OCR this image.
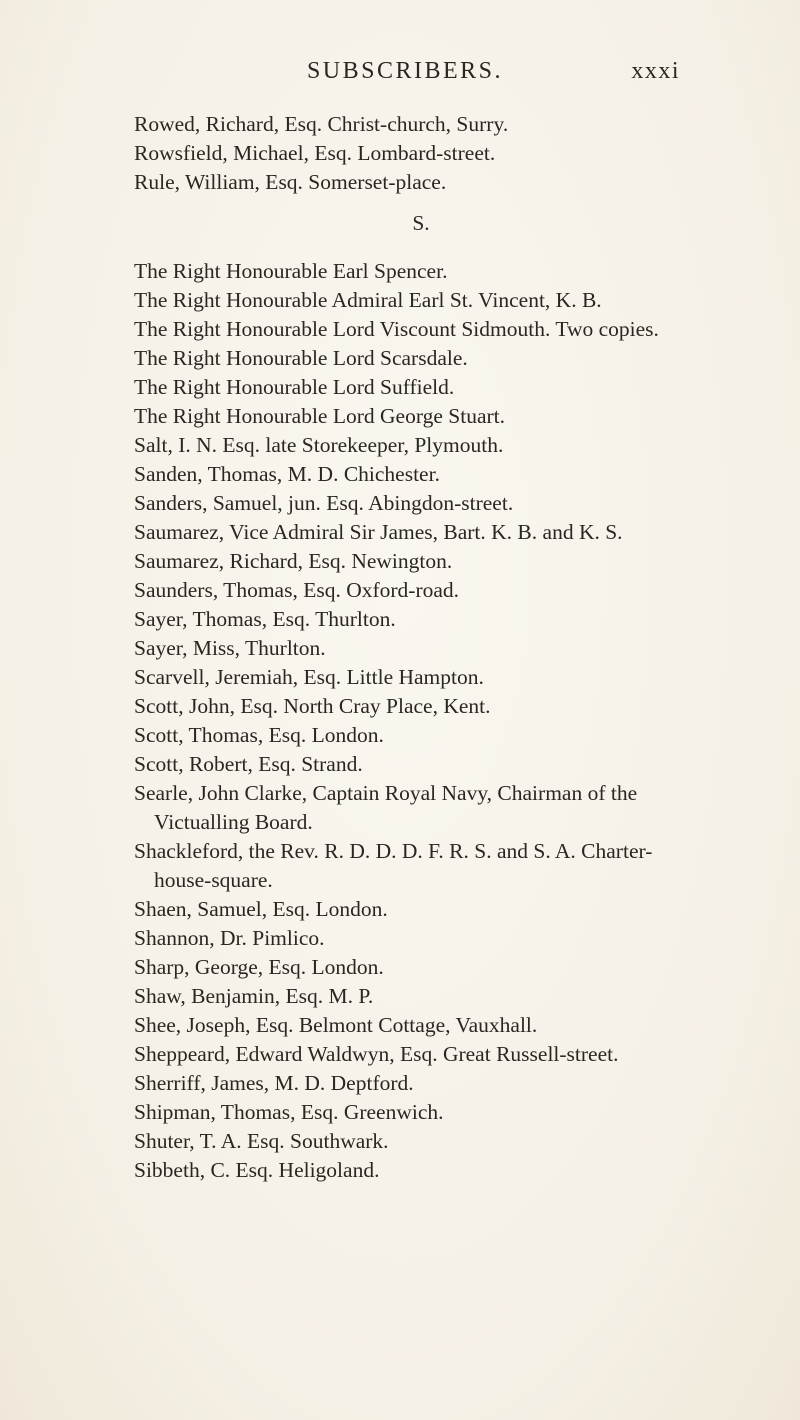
SUBSCRIBERS.	xxxi
Rowed, Richard, Esq. Christ-church, Surry.
Rowsfield, Michael, Esq. Lombard-street.
Rule, William, Esq. Somerset-place.
S.
The Right Honourable Earl Spencer.
The Right Honourable Admiral Earl St. Vincent, K. B.
The Right Honourable Lord Viscount Sidmouth. Two copies.
The Right Honourable Lord Scarsdale.
The Right Honourable Lord Suffield.
The Right Honourable Lord George Stuart.
Salt, I. N. Esq. late Storekeeper, Plymouth.
Sanden, Thomas, M. D. Chichester.
Sanders, Samuel, jun. Esq. Abingdon-street.
Saumarez, Vice Admiral Sir James, Bart. K. B. and K. S.
Saumarez, Richard, Esq. Newington.
Saunders, Thomas, Esq. Oxford-road.
Sayer, Thomas, Esq. Thurlton.
Sayer, Miss, Thurlton.
Scarvell, Jeremiah, Esq. Little Hampton.
Scott, John, Esq. North Cray Place, Kent.
Scott, Thomas, Esq. London.
Scott, Robert, Esq. Strand.
Searle, John Clarke, Captain Royal Navy, Chairman of the
Victualling Board.
Shackleford, the Rev. R. D. D. D. F. R. S. and S. A. Charter-
house-square.
Shaen, Samuel, Esq. London.
Shannon, Dr. Pimlico.
Sharp, George, Esq. London.
Shaw, Benjamin, Esq. M. P.
Shee, Joseph, Esq. Belmont Cottage, Vauxhall.
Sheppeard, Edward Waldwyn, Esq. Great Russell-street.
Sherriff, James, M. D. Deptford.
Shipman, Thomas, Esq. Greenwich.
Shuter, T. A. Esq. Southwark.
Sibbeth, C. Esq. Heligoland.
